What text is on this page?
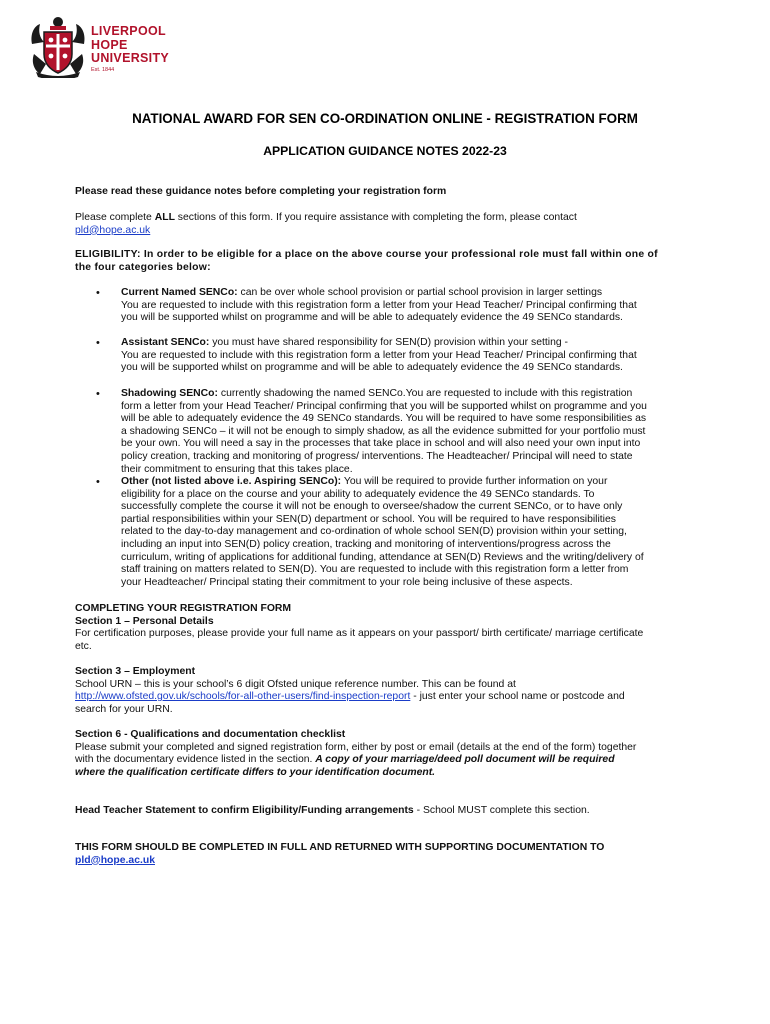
LIVERPOOL
HOPE
UNIVERSITY
Est. 1844
NATIONAL AWARD FOR SEN CO-ORDINATION ONLINE - REGISTRATION FORM
APPLICATION GUIDANCE NOTES 2022-23

Please read these guidance notes before completing your registration form

Please complete ALL sections of this form. If you require assistance with completing the form, please contact
pld@hope.ac.uk

ELIGIBILITY: In order to be eligible for a place on the above course your professional role must fall within one of
the four categories below:

• Current Named SENCo: can be over whole school provision or partial school provision in larger settings
You are requested to include with this registration form a letter from your Head Teacher/ Principal confirming that
you will be supported whilst on programme and will be able to adequately evidence the 49 SENCo standards.

• Assistant SENCo: you must have shared responsibility for SEN(D) provision within your setting -
You are requested to include with this registration form a letter from your Head Teacher/ Principal confirming that
you will be supported whilst on programme and will be able to adequately evidence the 49 SENCo standards.

• Shadowing SENCo: currently shadowing the named SENCo.You are requested to include with this registration
form a letter from your Head Teacher/ Principal confirming that you will be supported whilst on programme and you
will be able to adequately evidence the 49 SENCo standards. You will be required to have some responsibilities as
a shadowing SENCo – it will not be enough to simply shadow, as all the evidence submitted for your portfolio must
be your own. You will need a say in the processes that take place in school and will also need your own input into
policy creation, tracking and monitoring of progress/ interventions. The Headteacher/ Principal will need to state
their commitment to ensuring that this takes place.

• Other (not listed above i.e. Aspiring SENCo): You will be required to provide further information on your
eligibility for a place on the course and your ability to adequately evidence the 49 SENCo standards. To
successfully complete the course it will not be enough to oversee/shadow the current SENCo, or to have only
partial responsibilities within your SEN(D) department or school. You will be required to have responsibilities
related to the day-to-day management and co-ordination of whole school SEN(D) provision within your setting,
including an input into SEN(D) policy creation, tracking and monitoring of interventions/progress across the
curriculum, writing of applications for additional funding, attendance at SEN(D) Reviews and the writing/delivery of
staff training on matters related to SEN(D). You are requested to include with this registration form a letter from
your Headteacher/ Principal stating their commitment to your role being inclusive of these aspects.

COMPLETING YOUR REGISTRATION FORM
Section 1 – Personal Details
For certification purposes, please provide your full name as it appears on your passport/ birth certificate/ marriage certificate
etc.

Section 3 – Employment
School URN – this is your school’s 6 digit Ofsted unique reference number. This can be found at
http://www.ofsted.gov.uk/schools/for-all-other-users/find-inspection-report - just enter your school name or postcode and
search for your URN.

Section 6 - Qualifications and documentation checklist
Please submit your completed and signed registration form, either by post or email (details at the end of the form) together
with the documentary evidence listed in the section. A copy of your marriage/deed poll document will be required
where the qualification certificate differs to your identification document.

Head Teacher Statement to confirm Eligibility/Funding arrangements - School MUST complete this section.

THIS FORM SHOULD BE COMPLETED IN FULL AND RETURNED WITH SUPPORTING DOCUMENTATION TO
pld@hope.ac.uk
